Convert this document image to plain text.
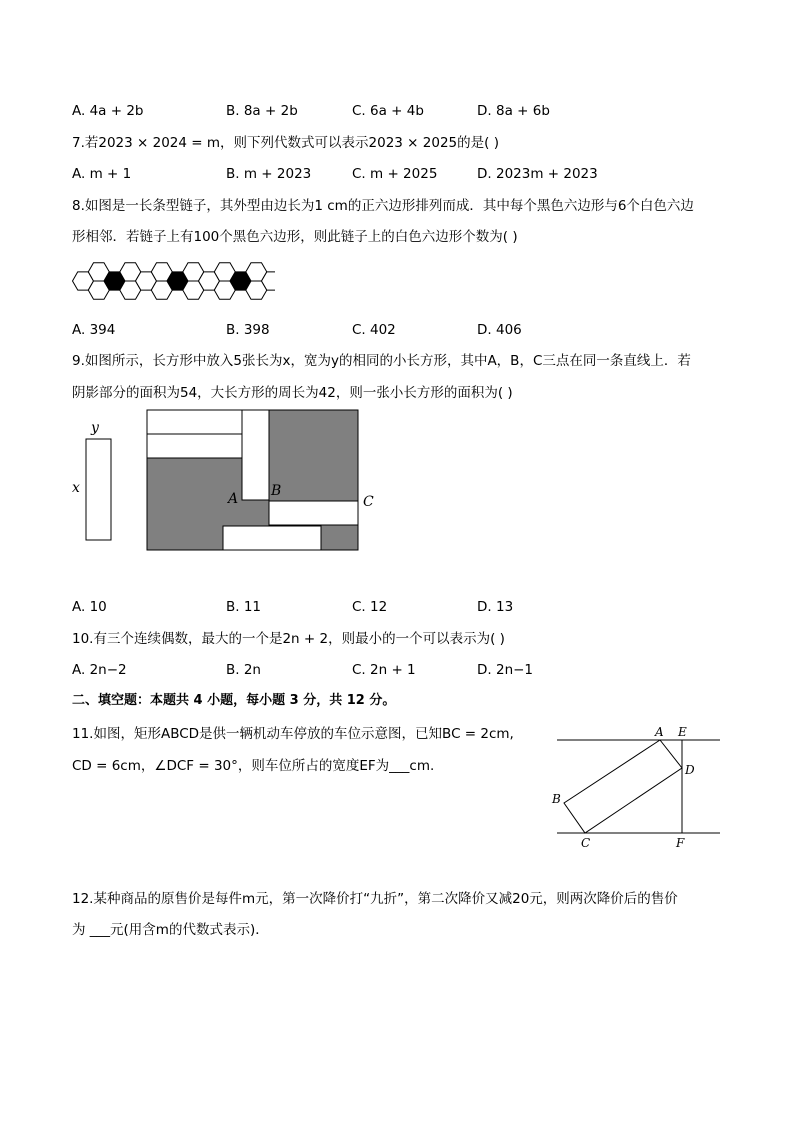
A. 4a + 2b	B. 8a + 2b	C. 6a + 4b	D. 8a + 6b
7.若2023 × 2024 = m，则下列代数式可以表示2023 × 2025的是( )
A. m + 1	B. m + 2023	C. m + 2025	D. 2023m + 2023
8.如图是一长条型链子，其外型由边长为1 cm的正六边形排列而成．其中每个黑色六边形与6个白色六边
形相邻．若链子上有100个黑色六边形，则此链子上的白色六边形个数为( )
A. 394	B. 398	C. 402	D. 406
9.如图所示，长方形中放入5张长为x，宽为y的相同的小长方形，其中A，B，C三点在同一条直线上．若
阴影部分的面积为54，大长方形的周长为42，则一张小长方形的面积为( )
y
x
A B
C
A. 10	B. 11	C. 12	D. 13
10.有三个连续偶数，最大的一个是2n + 2，则最小的一个可以表示为( )
A. 2n−2	B. 2n	C. 2n + 1	D. 2n−1
二、填空题：本题共 4 小题，每小题 3 分，共 12 分。
11.如图，矩形ABCD是供一辆机动车停放的车位示意图，已知BC = 2cm,
CD = 6cm，∠DCF = 30°，则车位所占的宽度EF为___cm.
A E
D
B
C	F
12.某种商品的原售价是每件m元，第一次降价打“九折”，第二次降价又减20元，则两次降价后的售价
为 ___元(用含m的代数式表示)．
